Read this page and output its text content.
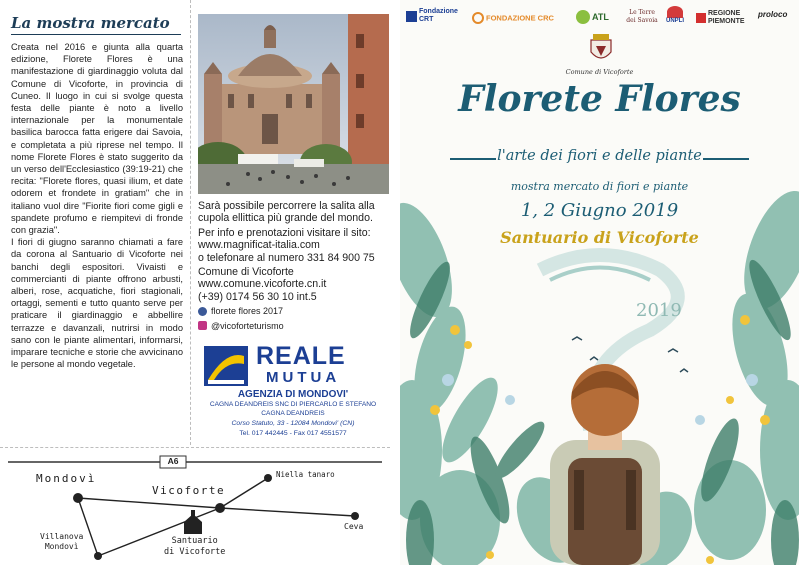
La mostra mercato

Creata nel 2016 e giunta alla quarta edizione, Florete Flores è una manifestazione di giardinaggio voluta dal Comune di Vicoforte, in provincia di Cuneo. Il luogo in cui si svolge questa festa delle piante è noto a livello internazionale per la monumentale basilica barocca fatta erigere dai Savoia, e completata a più riprese nel tempo. Il nome Florete Flores è stato suggerito da un verso dell'Ecclesiastico (39:19-21) che recita: "Florete flores, quasi ilium, et date odorem et frondete in gratiam" che in italiano vuol dire "Fiorite fiori come gigli e spandete profumo e riempitevi di fronde con grazia".

I fiori di giugno saranno chiamati a fare da corona al Santuario di Vicoforte nei banchi degli espositori. Vivaisti e commercianti di piante offrono arbusti, alberi, rose, acquatiche, fiori stagionali, ortaggi, sementi e tutto quanto serve per praticare il giardinaggio e abbellire terrazze e davanzali, nutrirsi in modo sano con le piante alimentari, informarsi, imparare tecniche e storie che avvicinano le persone al mondo vegetale.

Sarà possibile percorrere la salita alla cupola ellittica più grande del mondo.

Per info e prenotazioni visitare il sito: www.magnificat-italia.com

o telefonare al numero 331 84 900 75

Comune di Vicoforte
www.comune.vicoforte.cn.it
(+39) 0174 56 30 10 int.5
florete flores 2017
@vicoforteturismo
REALE
MUTUA
AGENZIA DI MONDOVI'
CAGNA DEANDREIS SNC DI PIERCARLO E STEFANO CAGNA DEANDREIS
Corso Statuto, 33 - 12084 Mondovi' (CN)
Tel. 017 442445 - Fax 017 4551577
A6
Mondovì
Vicoforte
Niella tanaro
Ceva
Villanova
Mondovì
Santuario
di Vicoforte
Fondazione CRT	FONDAZIONE CRC	ATL	Le Terre dei Savoia UNPLI
REGIONE PIEMONTE
proloco
Comune di Vicoforte
Florete Flores
l'arte dei fiori e delle piante
mostra mercato di fiori e piante
1, 2 Giugno 2019
Santuario di Vicoforte
2019
